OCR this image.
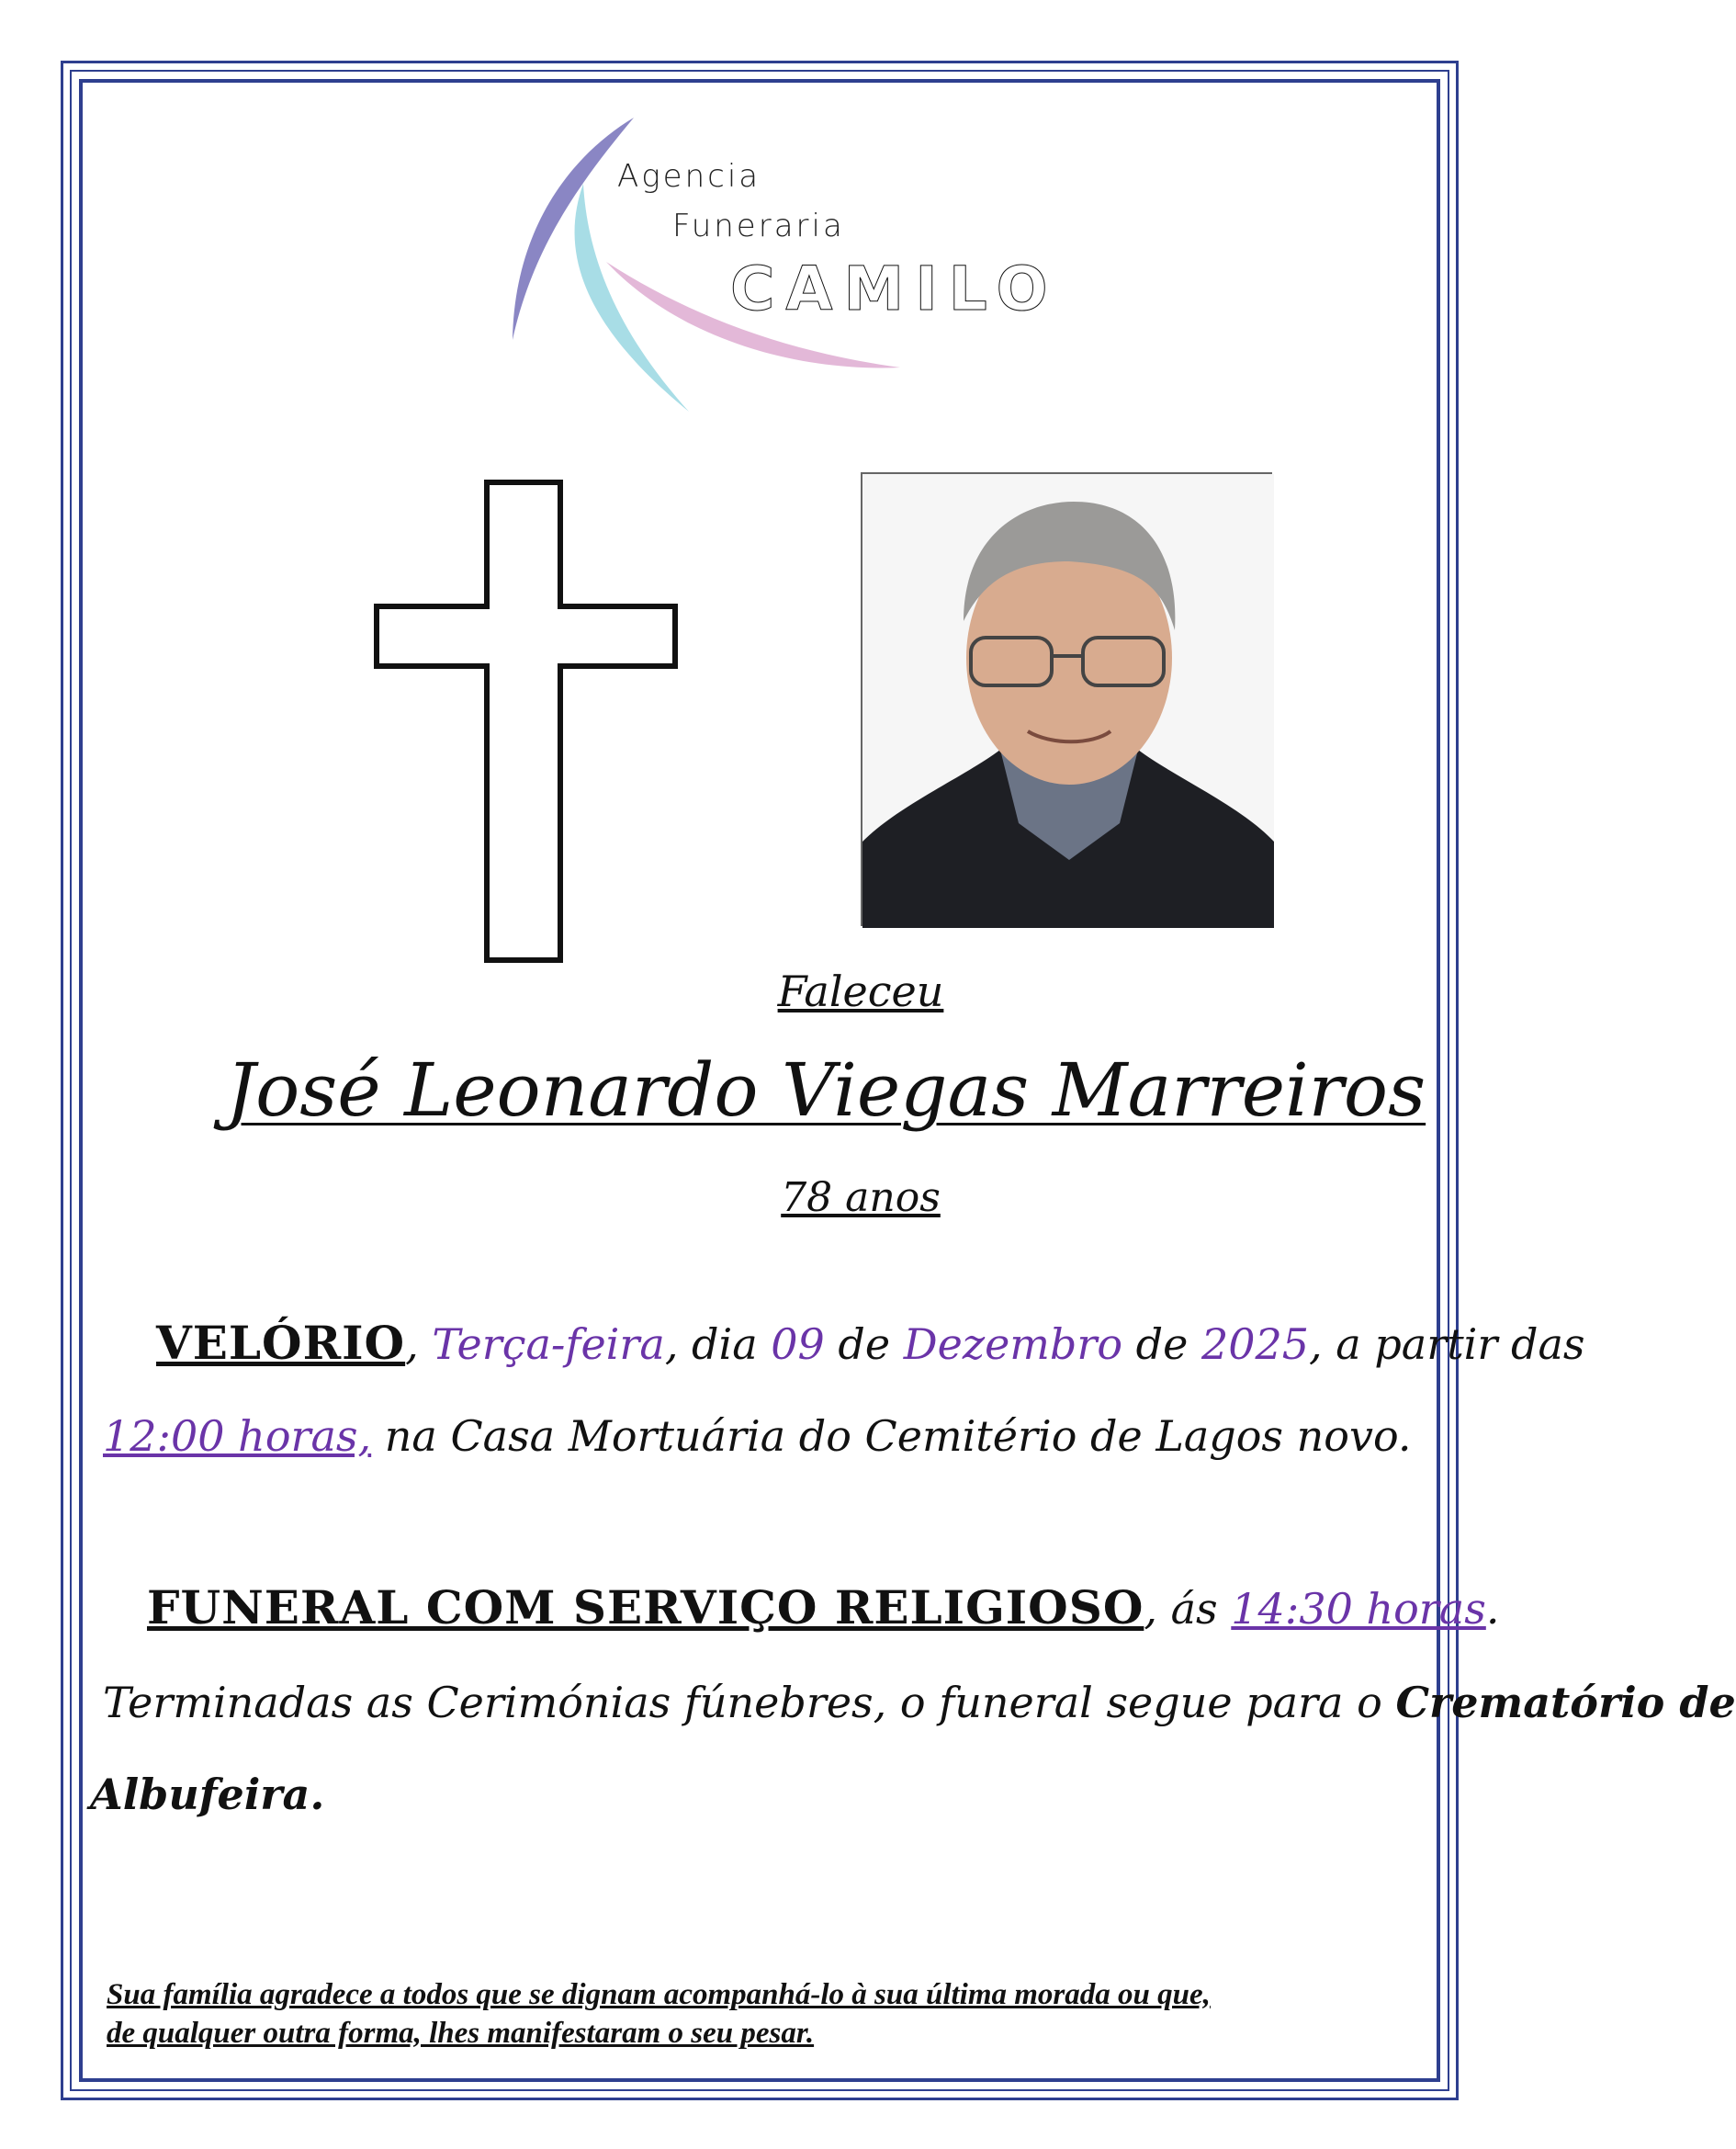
Agencia
Funeraria
CAMILO
Faleceu
José Leonardo Viegas Marreiros
78 anos
VELÓRIO, Terça-feira, dia 09 de Dezembro de 2025, a partir das
12:00 horas, na Casa Mortuária do Cemitério de Lagos novo.
FUNERAL COM SERVIÇO RELIGIOSO, ás 14:30 horas.
Terminadas as Cerimónias fúnebres, o funeral segue para o Crematório de
Albufeira.
Sua família agradece a todos que se dignam acompanhá-lo à sua última morada ou que,
de qualquer outra forma, lhes manifestaram o seu pesar.
